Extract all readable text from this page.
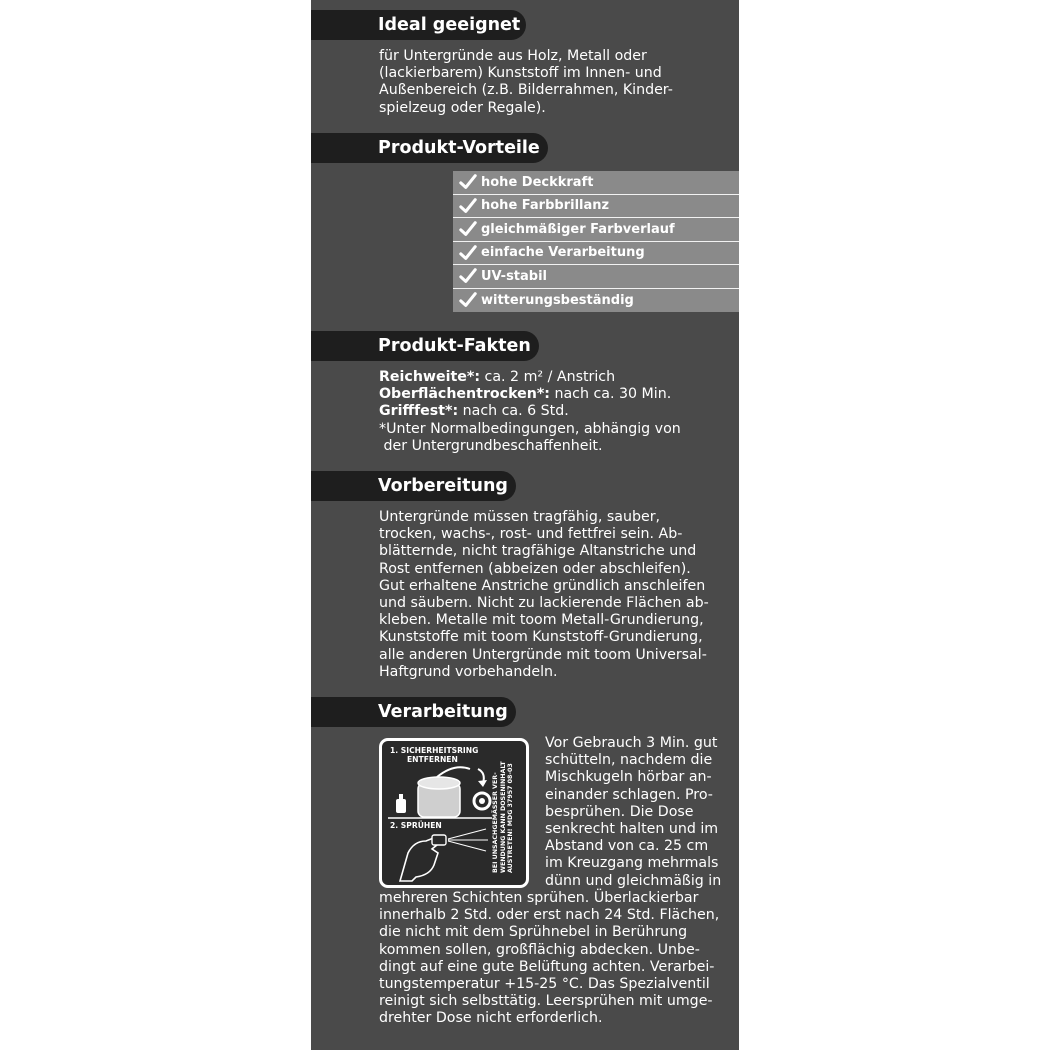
Ideal geeignet
für Untergründe aus Holz, Metall oder
(lackierbarem) Kunststoff im Innen- und
Außenbereich (z.B. Bilderrahmen, Kinder-
spielzeug oder Regale).
Produkt-Vorteile
hohe Deckkraft
hohe Farbbrillanz
gleichmäßiger Farbverlauf
einfache Verarbeitung
UV-stabil
witterungsbeständig
Produkt-Fakten
Reichweite*: ca. 2 m² / Anstrich
Oberflächentrocken*: nach ca. 30 Min.
Grifffest*: nach ca. 6 Std.
*Unter Normalbedingungen, abhängig von
der Untergrundbeschaffenheit.
Vorbereitung
Untergründe müssen tragfähig, sauber,
trocken, wachs-, rost- und fettfrei sein. Ab-
blätternde, nicht tragfähige Altanstriche und
Rost entfernen (abbeizen oder abschleifen).
Gut erhaltene Anstriche gründlich anschleifen
und säubern. Nicht zu lackierende Flächen ab-
kleben. Metalle mit toom Metall-Grundierung,
Kunststoffe mit toom Kunststoff-Grundierung,
alle anderen Untergründe mit toom Universal-
Haftgrund vorbehandeln.
Verarbeitung
1. SICHERHEITSRING
ENTFERNEN
2. SPRÜHEN	BEI UNSACHGEMÄSSER VER- WENDUNG KANN DOSENINHALT AUSTRETEN! MDG 37957 08-03
Vor Gebrauch 3 Min. gut
schütteln, nachdem die
Mischkugeln hörbar an-
einander schlagen. Pro-
besprühen. Die Dose
senkrecht halten und im
Abstand von ca. 25 cm
im Kreuzgang mehrmals
dünn und gleichmäßig in
mehreren Schichten sprühen. Überlackierbar
innerhalb 2 Std. oder erst nach 24 Std. Flächen,
die nicht mit dem Sprühnebel in Berührung
kommen sollen, großflächig abdecken. Unbe-
dingt auf eine gute Belüftung achten. Verarbei-
tungstemperatur +15-25 °C. Das Spezialventil
reinigt sich selbsttätig. Leersprühen mit umge-
drehter Dose nicht erforderlich.
